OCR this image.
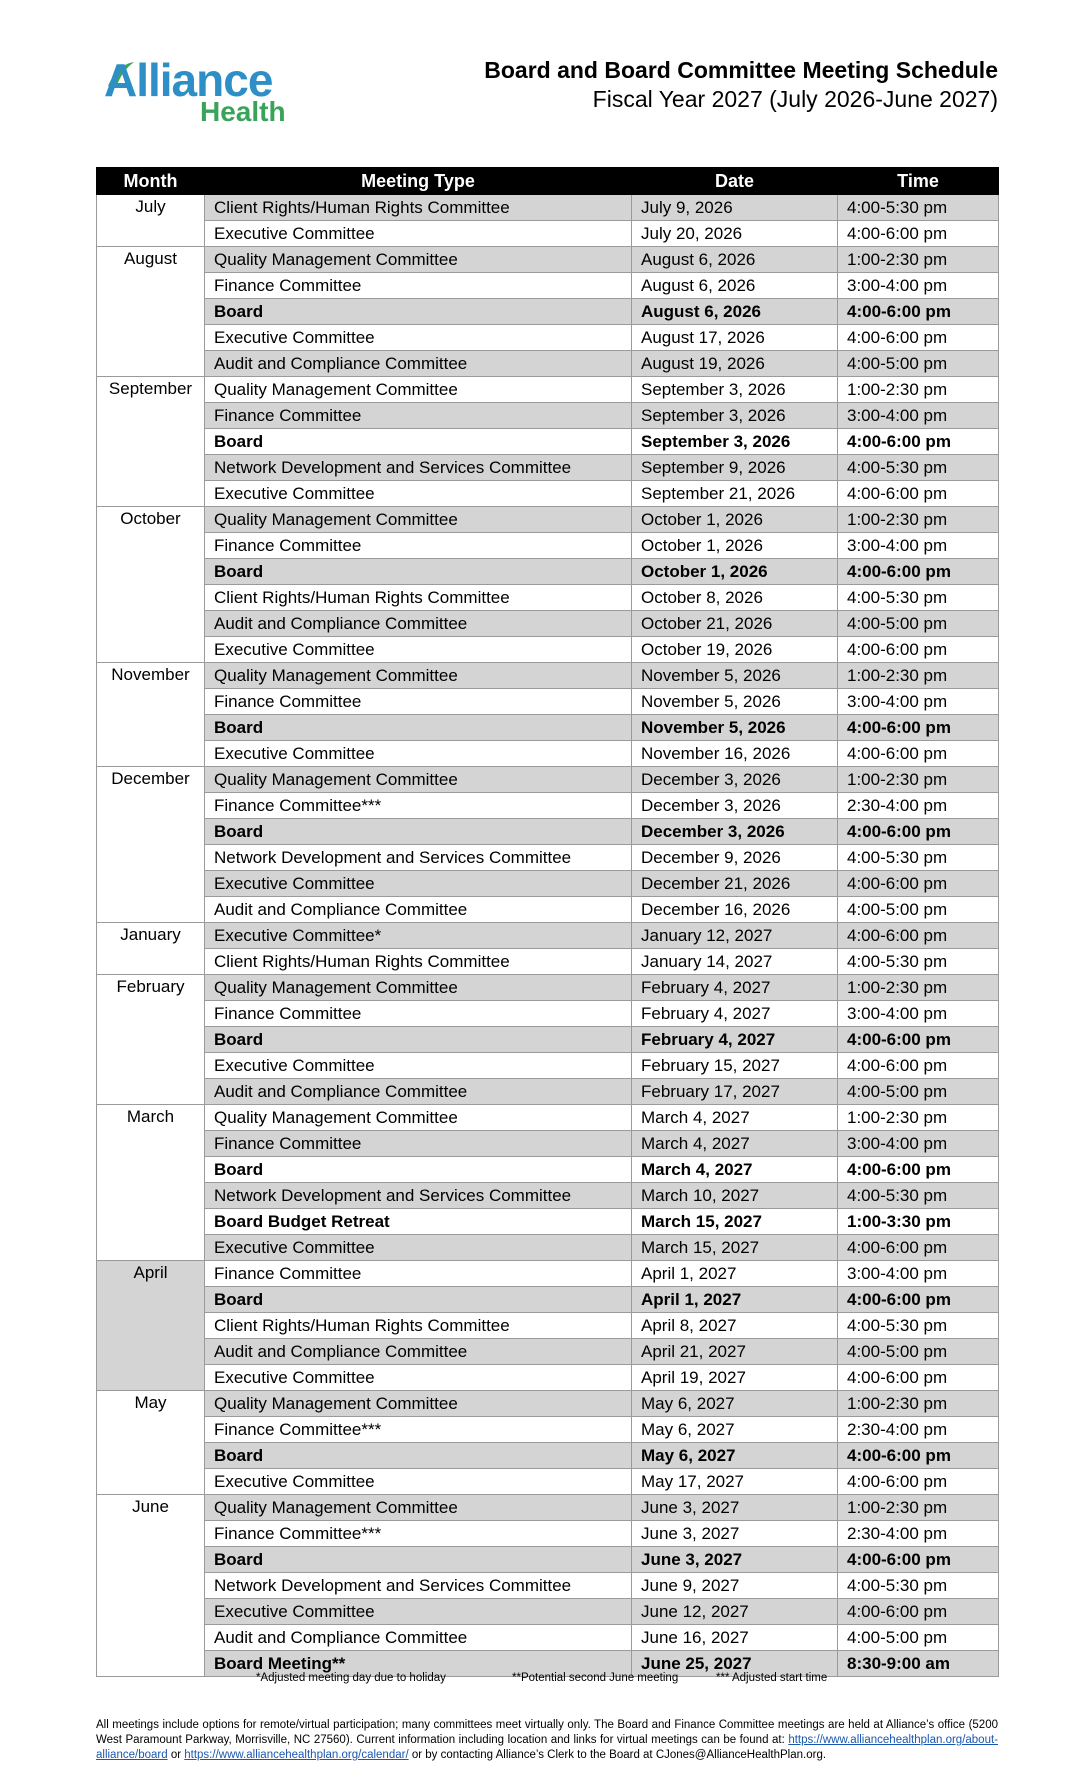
Alliance
Health
Board and Board Committee Meeting Schedule
Fiscal Year 2027 (July 2026-June 2027)
Month	Meeting Type	Date	Time
July	Client Rights/Human Rights Committee	July 9, 2026	4:00-5:30 pm
	Executive Committee	July 20, 2026	4:00-6:00 pm
August	Quality Management Committee	August 6, 2026	1:00-2:30 pm
	Finance Committee	August 6, 2026	3:00-4:00 pm
	Board	August 6, 2026	4:00-6:00 pm
	Executive Committee	August 17, 2026	4:00-6:00 pm
	Audit and Compliance Committee	August 19, 2026	4:00-5:00 pm
September	Quality Management Committee	September 3, 2026	1:00-2:30 pm
	Finance Committee	September 3, 2026	3:00-4:00 pm
	Board	September 3, 2026	4:00-6:00 pm
	Network Development and Services Committee	September 9, 2026	4:00-5:30 pm
	Executive Committee	September 21, 2026	4:00-6:00 pm
October	Quality Management Committee	October 1, 2026	1:00-2:30 pm
	Finance Committee	October 1, 2026	3:00-4:00 pm
	Board	October 1, 2026	4:00-6:00 pm
	Client Rights/Human Rights Committee	October 8, 2026	4:00-5:30 pm
	Audit and Compliance Committee	October 21, 2026	4:00-5:00 pm
	Executive Committee	October 19, 2026	4:00-6:00 pm
November	Quality Management Committee	November 5, 2026	1:00-2:30 pm
	Finance Committee	November 5, 2026	3:00-4:00 pm
	Board	November 5, 2026	4:00-6:00 pm
	Executive Committee	November 16, 2026	4:00-6:00 pm
December	Quality Management Committee	December 3, 2026	1:00-2:30 pm
	Finance Committee***	December 3, 2026	2:30-4:00 pm
	Board	December 3, 2026	4:00-6:00 pm
	Network Development and Services Committee	December 9, 2026	4:00-5:30 pm
	Executive Committee	December 21, 2026	4:00-6:00 pm
	Audit and Compliance Committee	December 16, 2026	4:00-5:00 pm
January	Executive Committee*	January 12, 2027	4:00-6:00 pm
	Client Rights/Human Rights Committee	January 14, 2027	4:00-5:30 pm
February	Quality Management Committee	February 4, 2027	1:00-2:30 pm
	Finance Committee	February 4, 2027	3:00-4:00 pm
	Board	February 4, 2027	4:00-6:00 pm
	Executive Committee	February 15, 2027	4:00-6:00 pm
	Audit and Compliance Committee	February 17, 2027	4:00-5:00 pm
March	Quality Management Committee	March 4, 2027	1:00-2:30 pm
	Finance Committee	March 4, 2027	3:00-4:00 pm
	Board	March 4, 2027	4:00-6:00 pm
	Network Development and Services Committee	March 10, 2027	4:00-5:30 pm
	Board Budget Retreat	March 15, 2027	1:00-3:30 pm
	Executive Committee	March 15, 2027	4:00-6:00 pm
April	Finance Committee	April 1, 2027	3:00-4:00 pm
	Board	April 1, 2027	4:00-6:00 pm
	Client Rights/Human Rights Committee	April 8, 2027	4:00-5:30 pm
	Audit and Compliance Committee	April 21, 2027	4:00-5:00 pm
	Executive Committee	April 19, 2027	4:00-6:00 pm
May	Quality Management Committee	May 6, 2027	1:00-2:30 pm
	Finance Committee***	May 6, 2027	2:30-4:00 pm
	Board	May 6, 2027	4:00-6:00 pm
	Executive Committee	May 17, 2027	4:00-6:00 pm
June	Quality Management Committee	June 3, 2027	1:00-2:30 pm
	Finance Committee***	June 3, 2027	2:30-4:00 pm
	Board	June 3, 2027	4:00-6:00 pm
	Network Development and Services Committee	June 9, 2027	4:00-5:30 pm
	Executive Committee	June 12, 2027	4:00-6:00 pm
	Audit and Compliance Committee	June 16, 2027	4:00-5:00 pm
	Board Meeting**	June 25, 2027	8:30-9:00 am
*Adjusted meeting day due to holiday	**Potential second June meeting	*** Adjusted start time
All meetings include options for remote/virtual participation; many committees meet virtually only. The Board and Finance Committee meetings are held at Alliance’s office (5200 West Paramount Parkway, Morrisville, NC 27560). Current information including location and links for virtual meetings can be found at: https://www.alliancehealthplan.org/about-alliance/board or https://www.alliancehealthplan.org/calendar/ or by contacting Alliance’s Clerk to the Board at CJones@AllianceHealthPlan.org.
